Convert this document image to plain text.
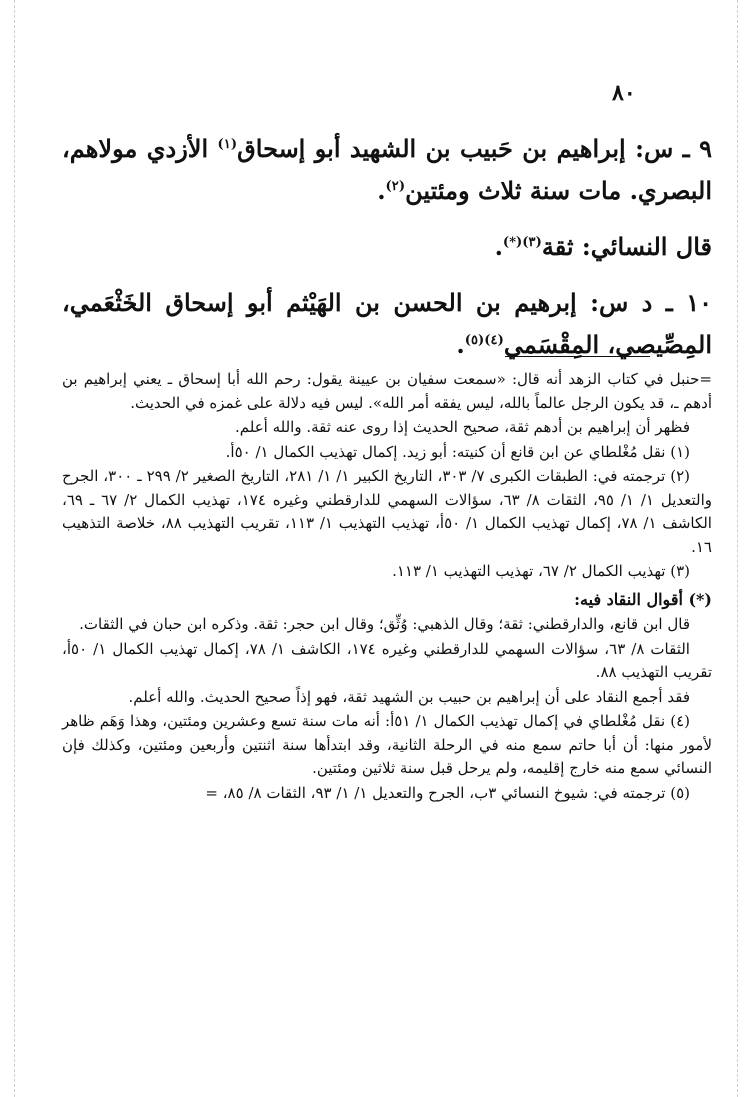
٨٠

٩ ـ س: إبراهيم بن حَبيب بن الشهيد أبو إسحاق$^{(١)}$ الأزدي مولاهم، البصري. مات سنة ثلاث ومئتين$^{(٢)}$.

قال النسائي: ثقة$^{(٣)(*)}$.

١٠ ـ د س: إبرهيم بن الحسن بن الهَيْثم أبو إسحاق الخَثْعَمي، المِصِّيصي، المِقْسَمي$^{(٤)(٥)}$.

=حنبل في كتاب الزهد أنه قال: «سمعت سفيان بن عيينة يقول: رحم الله أبا إسحاق ـ يعني إبراهيم بن أدهم ـ، قد يكون الرجل عالماً بالله، ليس يفقه أمر الله». ليس فيه دلالة على غمزه في الحديث.

فظهر أن إبراهيم بن أدهم ثقة، صحيح الحديث إذا روى عنه ثقة. والله أعلم.

(١) نقل مُغْلطاي عن ابن قانع أن كنيته: أبو زيد. إكمال تهذيب الكمال ١/ ٥٠أ.

(٢) ترجمته في: الطبقات الكبرى ٧/ ٣٠٣، التاريخ الكبير ١/ ١/ ٢٨١، التاريخ الصغير ٢/ ٢٩٩ ـ ٣٠٠، الجرح والتعديل ١/ ١/ ٩٥، الثقات ٨/ ٦٣، سؤالات السهمي للدارقطني وغيره ١٧٤، تهذيب الكمال ٢/ ٦٧ ـ ٦٩، الكاشف ١/ ٧٨، إكمال تهذيب الكمال ١/ ٥٠أ، تهذيب التهذيب ١/ ١١٣، تقريب التهذيب ٨٨، خلاصة التذهيب ١٦.

(٣) تهذيب الكمال ٢/ ٦٧، تهذيب التهذيب ١/ ١١٣.

(*) أقوال النقاد فيه:

قال ابن قانع، والدارقطني: ثقة؛ وقال الذهبي: وُثِّق؛ وقال ابن حجر: ثقة. وذكره ابن حبان في الثقات.

الثقات ٨/ ٦٣، سؤالات السهمي للدارقطني وغيره ١٧٤، الكاشف ١/ ٧٨، إكمال تهذيب الكمال ١/ ٥٠أ، تقريب التهذيب ٨٨.

فقد أجمع النقاد على أن إبراهيم بن حبيب بن الشهيد ثقة، فهو إذاً صحيح الحديث. والله أعلم.

(٤) نقل مُغْلطاي في إكمال تهذيب الكمال ١/ ٥١أ: أنه مات سنة تسع وعشرين ومئتين، وهذا وَهَم ظاهر لأمور منها: أن أبا حاتم سمع منه في الرحلة الثانية، وقد ابتدأها سنة اثنتين وأربعين ومئتين، وكذلك فإن النسائي سمع منه خارج إقليمه، ولم يرحل قبل سنة ثلاثين ومئتين.

(٥) ترجمته في: شيوخ النسائي ٣ب، الجرح والتعديل ١/ ١/ ٩٣، الثقات ٨/ ٨٥، =
